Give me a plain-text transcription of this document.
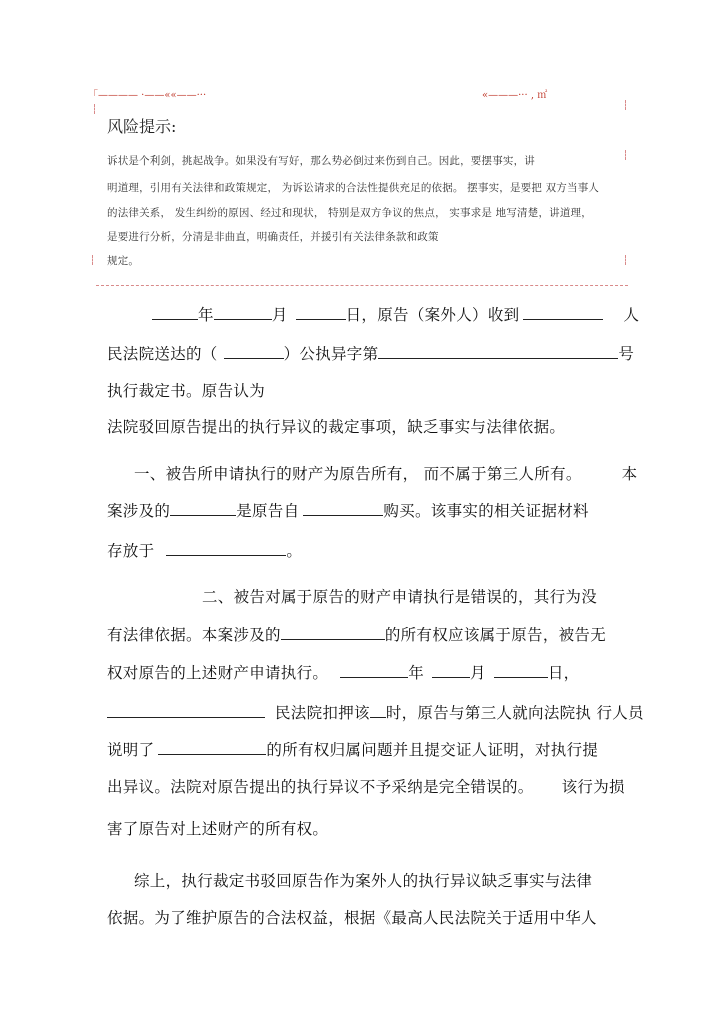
「———— ·——««——···	«———··· , ㎡
风险提示:
诉状是个利剑，挑起战争。如果没有写好，那么势必倒过来伤到自己。因此，要摆事实，讲
明道理，引用有关法律和政策规定， 为诉讼请求的合法性提供充足的依据。 摆事实，是要把 双方当事人
的法律关系， 发生纠纷的原因、经过和现状， 特别是双方争议的焦点， 实事求是 地写清楚，讲道理，
是要进行分析，分清是非曲直，明确责任，并援引有关法律条款和政策
规定。
年	月	日，原告（案外人）收到	人
民法院送达的（	）公执异字第	号
执行裁定书。原告认为
法院驳回原告提出的执行异议的裁定事项，缺乏事实与法律依据。
一、被告所申请执行的财产为原告所有， 而不属于第三人所有。	本
案涉及的	是原告自	购买。该事实的相关证据材料
存放于	。
二、被告对属于原告的财产申请执行是错误的，其行为没
有法律依据。本案涉及的	的所有权应该属于原告，被告无
权对原告的上述财产申请执行。	年	月	日，
民法院扣押该 时，原告与第三人就向法院执 行人员
说明了	的所有权归属问题并且提交证人证明，对执行提
出异议。法院对原告提出的执行异议不予采纳是完全错误的。 该行为损
害了原告对上述财产的所有权。
综上，执行裁定书驳回原告作为案外人的执行异议缺乏事实与法律
依据。为了维护原告的合法权益，根据《最高人民法院关于适用中华人
